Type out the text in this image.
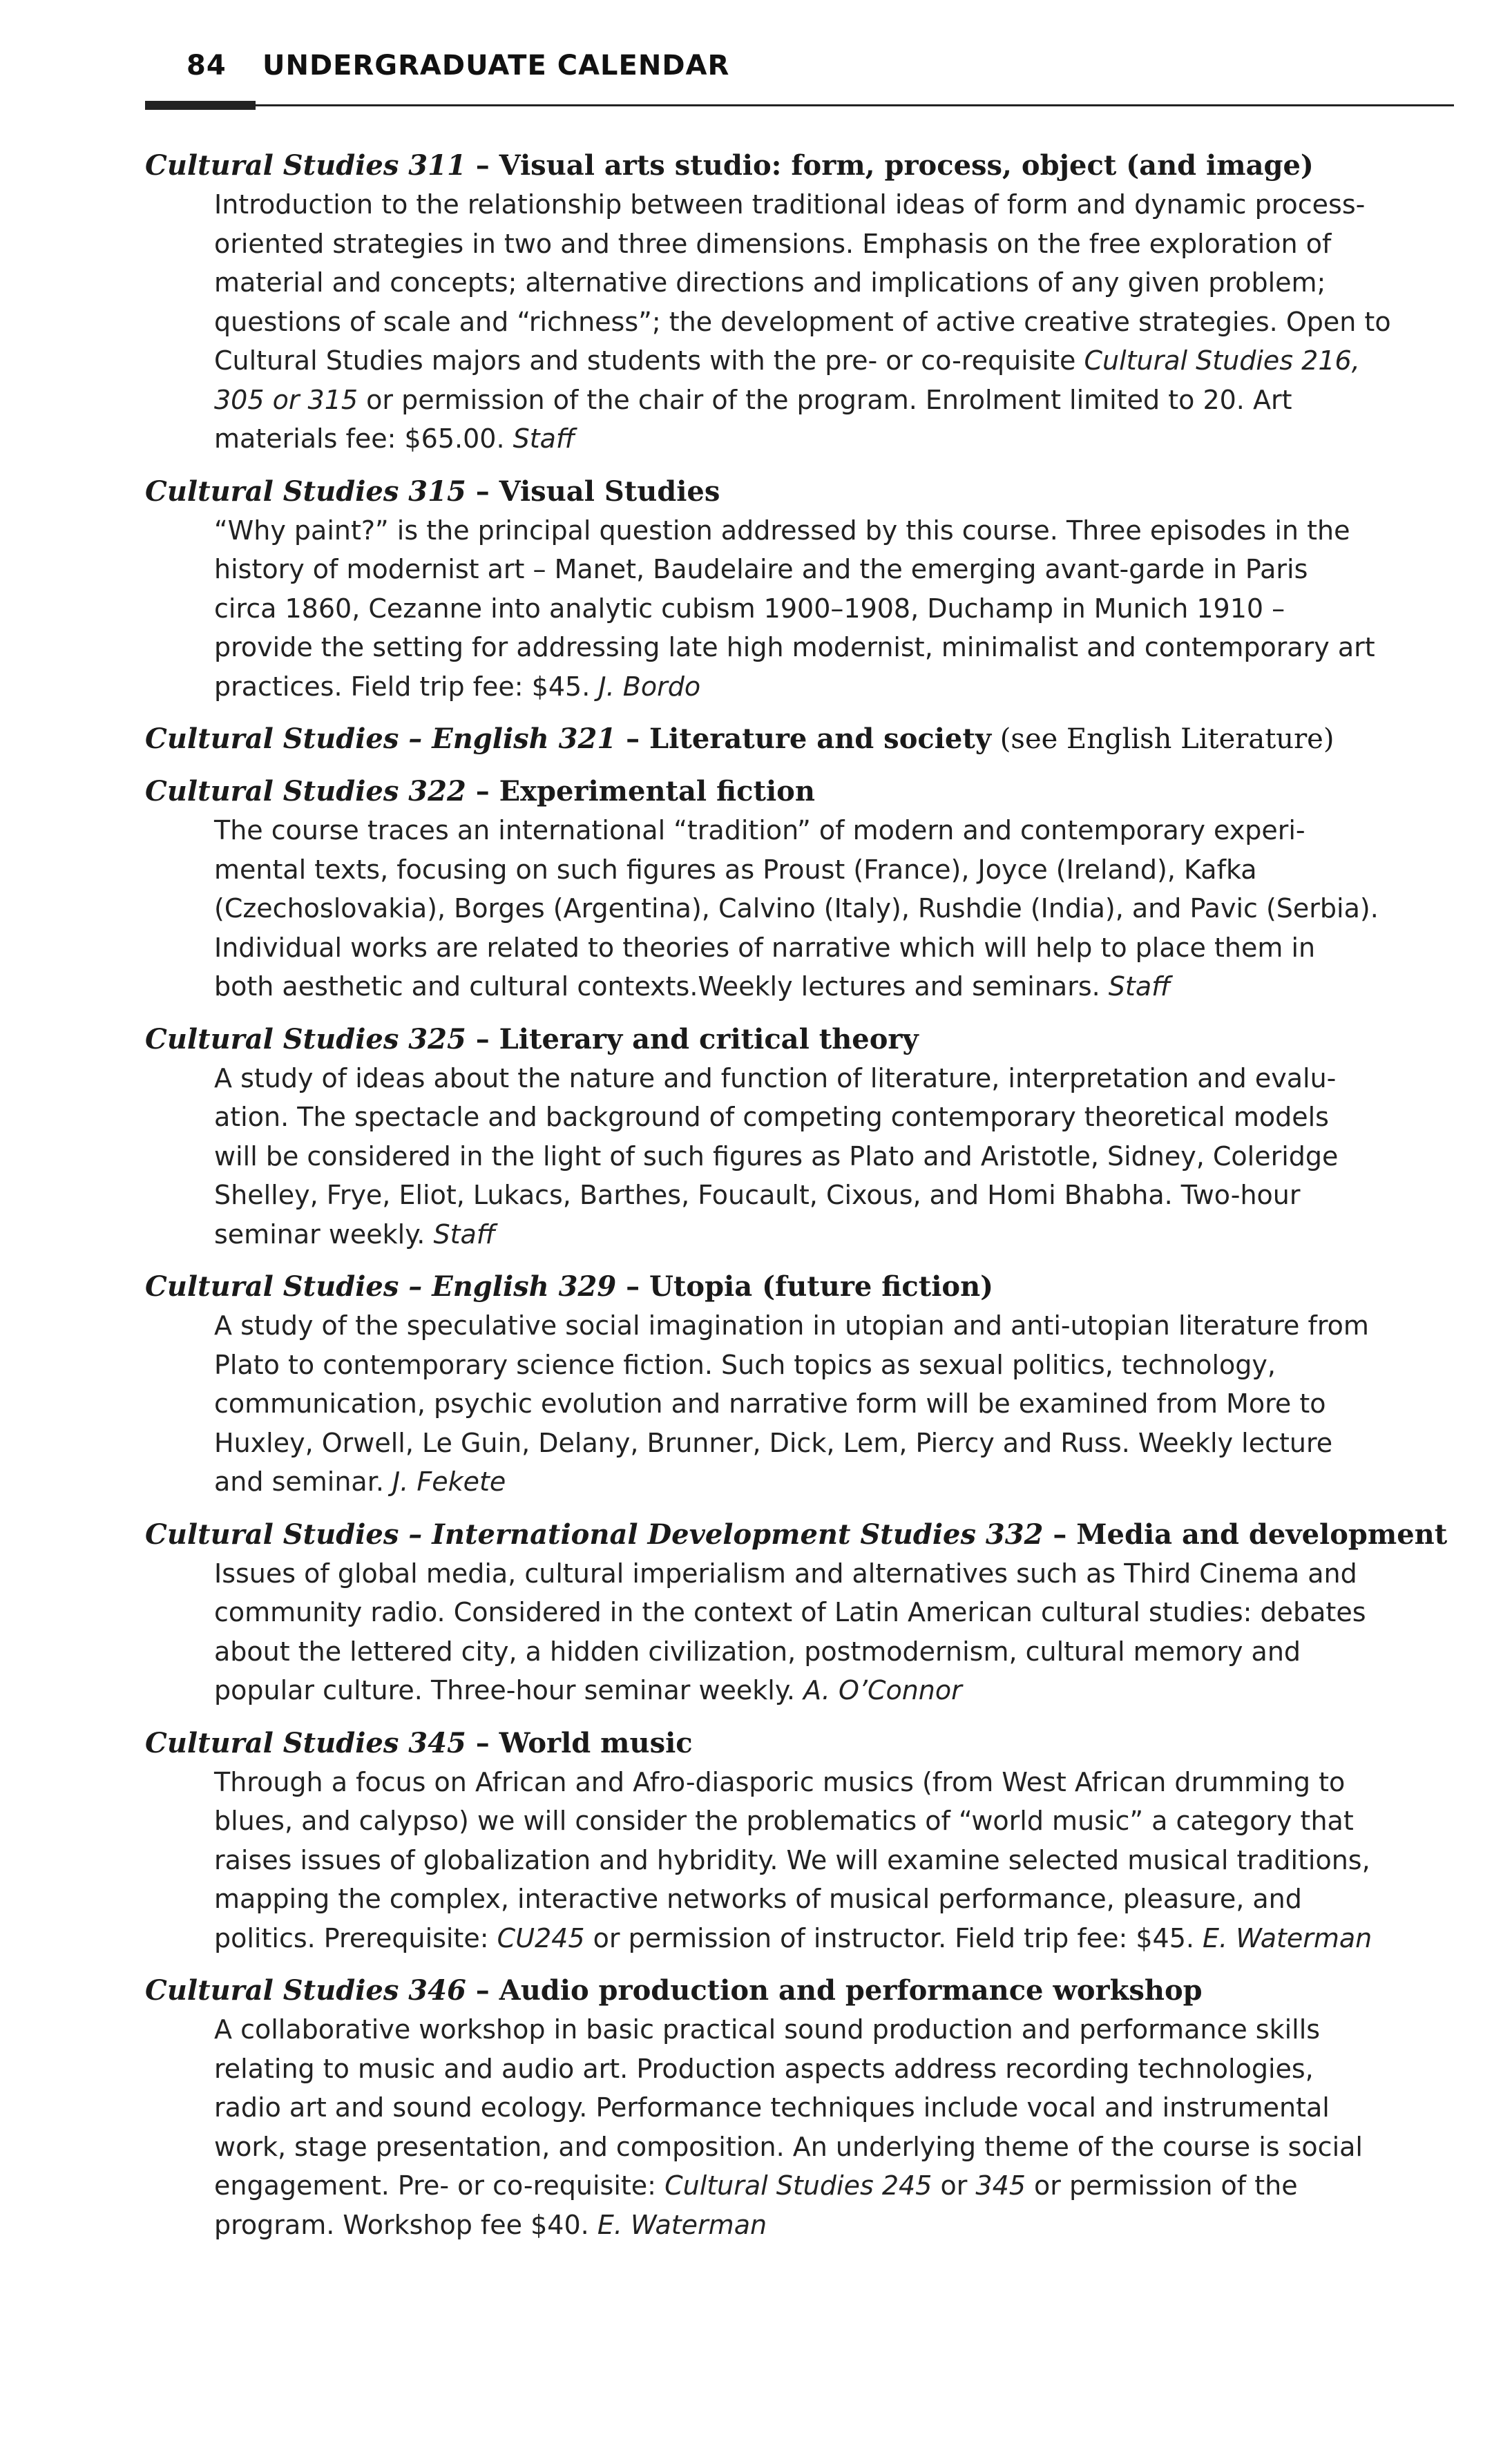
84 UNDERGRADUATE CALENDAR
Cultural Studies 311 – Visual arts studio: form, process, object (and image)
Introduction to the relationship between traditional ideas of form and dynamic process-
oriented strategies in two and three dimensions. Emphasis on the free exploration of
material and concepts; alternative directions and implications of any given problem;
questions of scale and “richness”; the development of active creative strategies. Open to
Cultural Studies majors and students with the pre- or co-requisite Cultural Studies 216,
305 or 315 or permission of the chair of the program. Enrolment limited to 20. Art
materials fee: $65.00. Staff
Cultural Studies 315 – Visual Studies
“Why paint?” is the principal question addressed by this course. Three episodes in the
history of modernist art – Manet, Baudelaire and the emerging avant-garde in Paris
circa 1860, Cezanne into analytic cubism 1900–1908, Duchamp in Munich 1910 –
provide the setting for addressing late high modernist, minimalist and contemporary art
practices. Field trip fee: $45. J. Bordo
Cultural Studies – English 321 – Literature and society (see English Literature)
Cultural Studies 322 – Experimental fiction
The course traces an international “tradition” of modern and contemporary experi-
mental texts, focusing on such figures as Proust (France), Joyce (Ireland), Kafka
(Czechoslovakia), Borges (Argentina), Calvino (Italy), Rushdie (India), and Pavic (Serbia).
Individual works are related to theories of narrative which will help to place them in
both aesthetic and cultural contexts.Weekly lectures and seminars. Staff
Cultural Studies 325 – Literary and critical theory
A study of ideas about the nature and function of literature, interpretation and evalu-
ation. The spectacle and background of competing contemporary theoretical models
will be considered in the light of such figures as Plato and Aristotle, Sidney, Coleridge
Shelley, Frye, Eliot, Lukacs, Barthes, Foucault, Cixous, and Homi Bhabha. Two-hour
seminar weekly. Staff
Cultural Studies – English 329 – Utopia (future fiction)
A study of the speculative social imagination in utopian and anti-utopian literature from
Plato to contemporary science fiction. Such topics as sexual politics, technology,
communication, psychic evolution and narrative form will be examined from More to
Huxley, Orwell, Le Guin, Delany, Brunner, Dick, Lem, Piercy and Russ. Weekly lecture
and seminar. J. Fekete
Cultural Studies – International Development Studies 332 – Media and development
Issues of global media, cultural imperialism and alternatives such as Third Cinema and
community radio. Considered in the context of Latin American cultural studies: debates
about the lettered city, a hidden civilization, postmodernism, cultural memory and
popular culture. Three-hour seminar weekly. A. O’Connor
Cultural Studies 345 – World music
Through a focus on African and Afro-diasporic musics (from West African drumming to
blues, and calypso) we will consider the problematics of “world music” a category that
raises issues of globalization and hybridity. We will examine selected musical traditions,
mapping the complex, interactive networks of musical performance, pleasure, and
politics. Prerequisite: CU245 or permission of instructor. Field trip fee: $45. E. Waterman
Cultural Studies 346 – Audio production and performance workshop
A collaborative workshop in basic practical sound production and performance skills
relating to music and audio art. Production aspects address recording technologies,
radio art and sound ecology. Performance techniques include vocal and instrumental
work, stage presentation, and composition. An underlying theme of the course is social
engagement. Pre- or co-requisite: Cultural Studies 245 or 345 or permission of the
program. Workshop fee $40. E. Waterman
